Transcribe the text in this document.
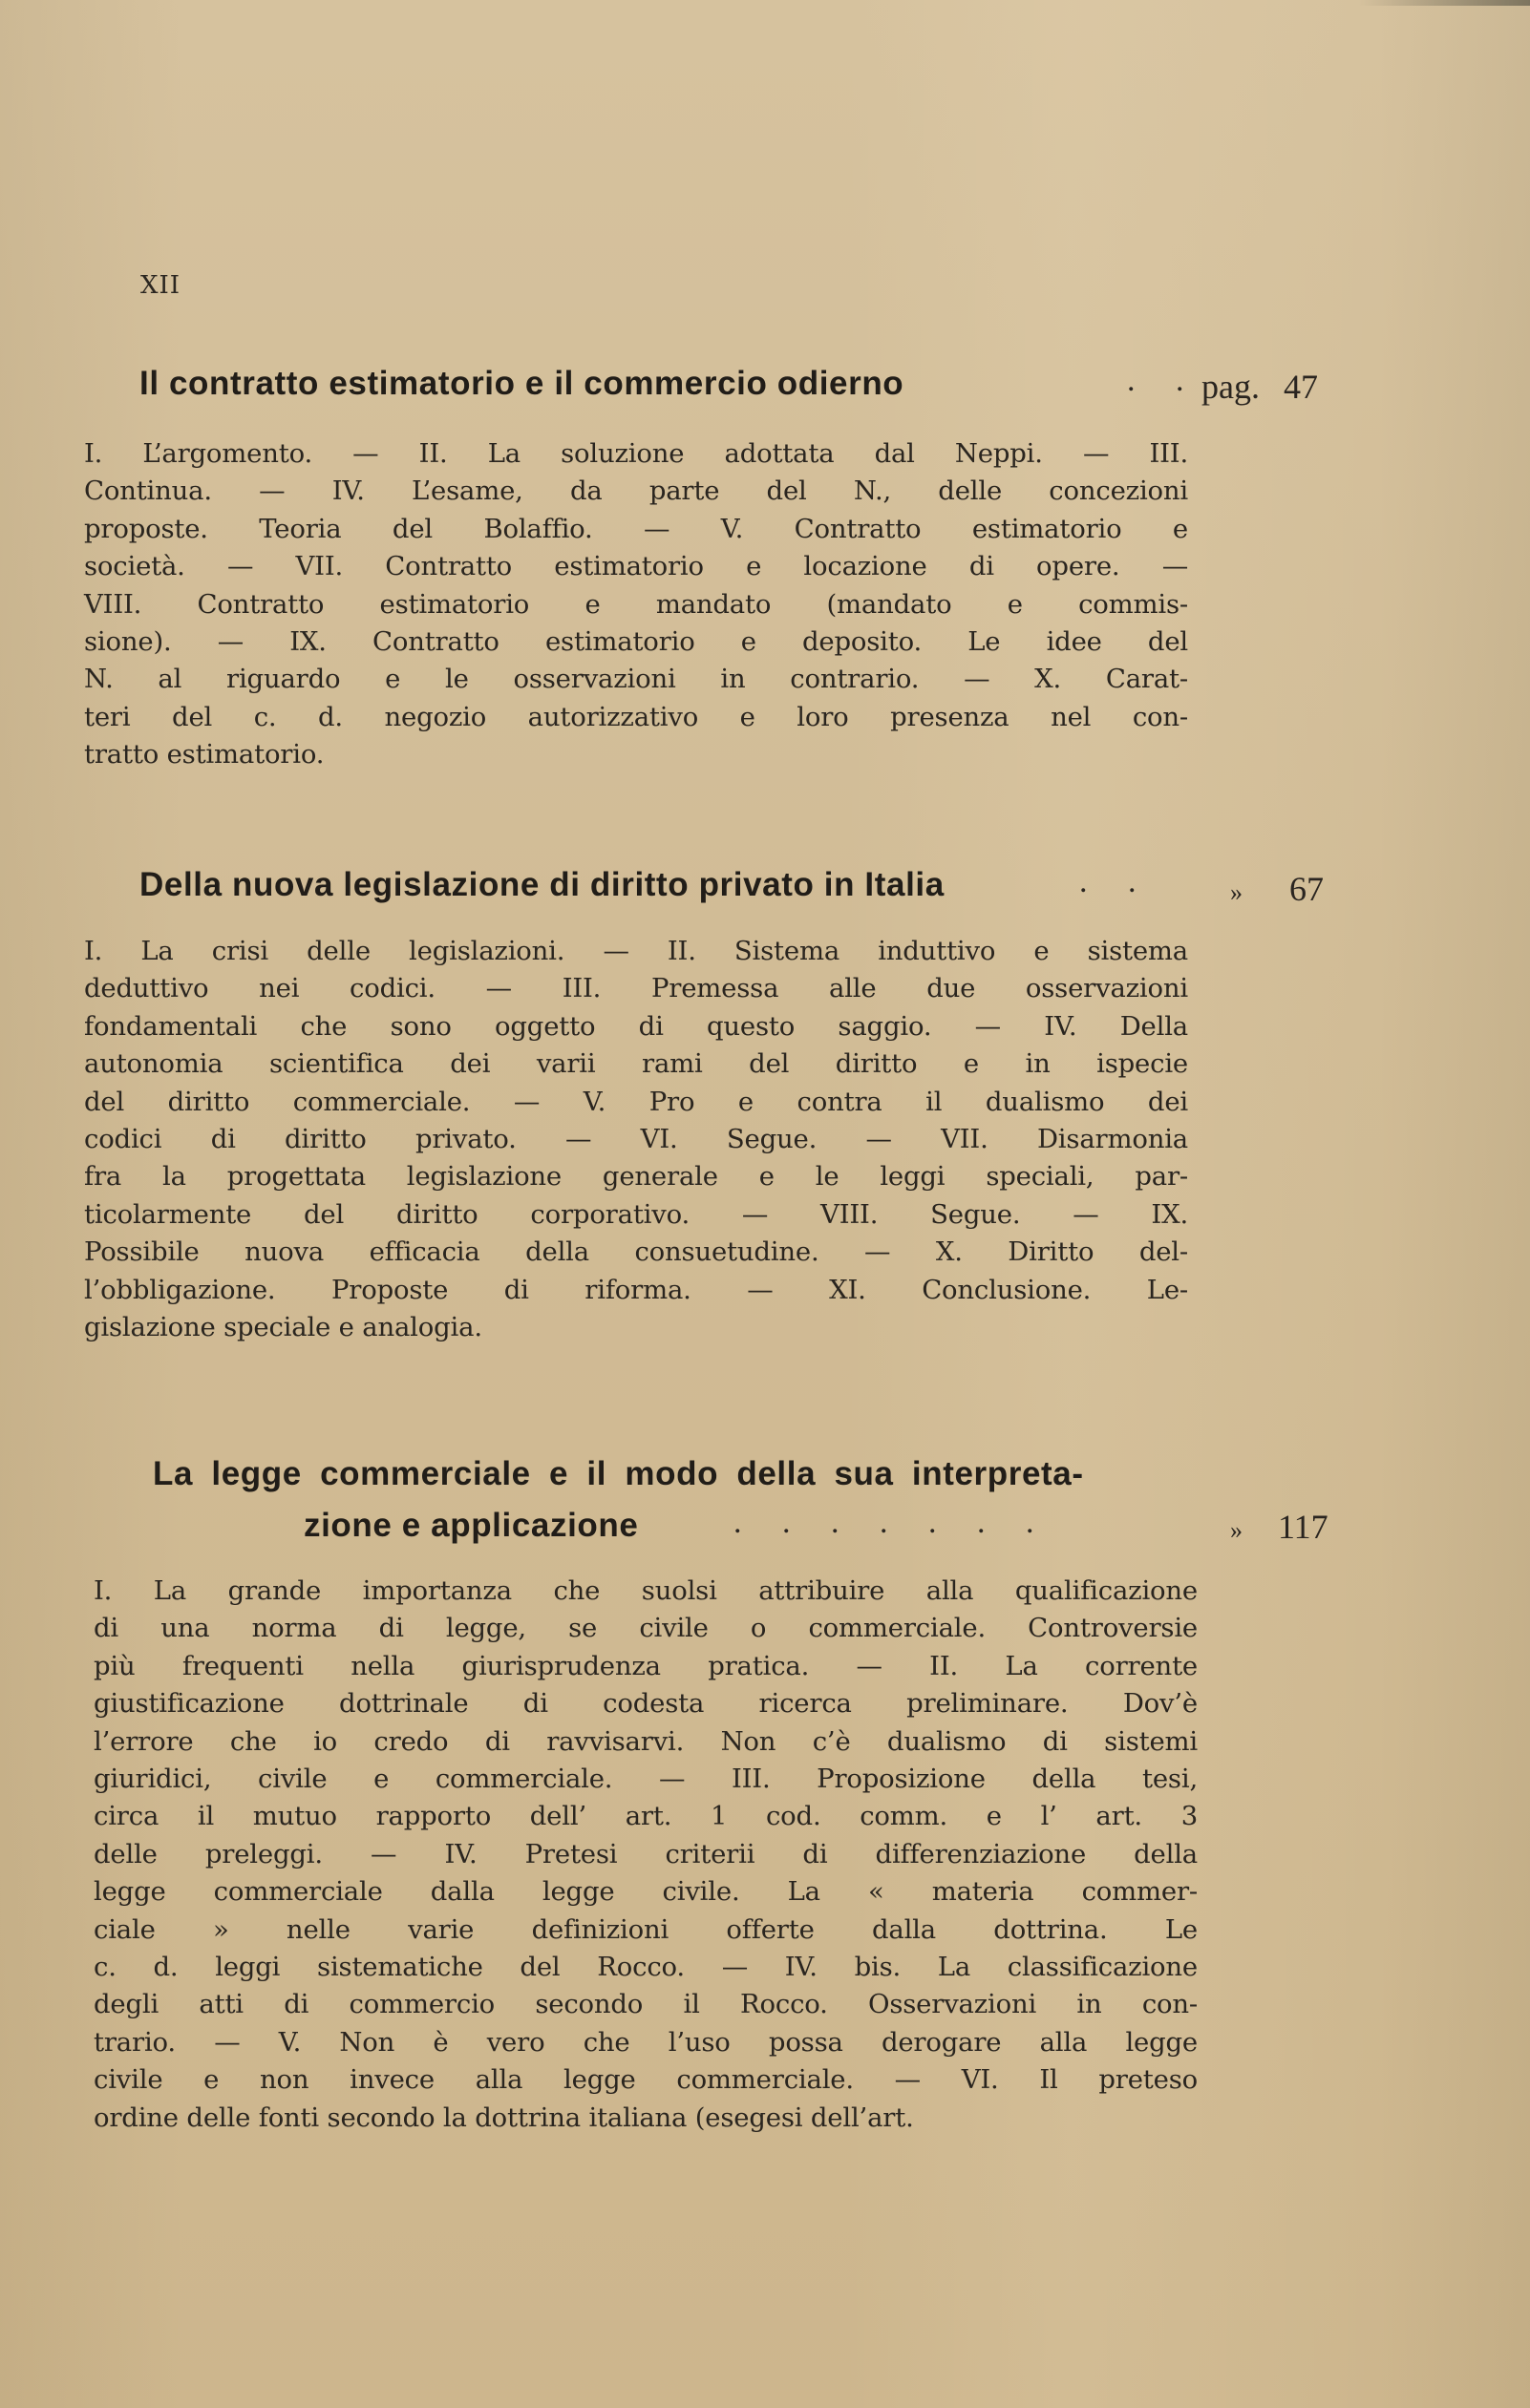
XII
Il contratto estimatorio e il commercio odierno	.     . pag. 47
I. L’argomento. — II. La soluzione adottata dal Neppi. — III.
Continua. — IV. L’esame, da parte del N., delle concezioni
proposte. Teoria del Bolaffio. — V. Contratto estimatorio e
società. — VII. Contratto estimatorio e locazione di opere. —
VIII. Contratto estimatorio e mandato (mandato e commis-
sione). — IX. Contratto estimatorio e deposito. Le idee del
N. al riguardo e le osservazioni in contrario. — X. Carat-
teri del c. d. negozio autorizzativo e loro presenza nel con-
tratto estimatorio.
Della nuova legislazione di diritto privato in Italia	.     .	» 67
I. La crisi delle legislazioni. — II. Sistema induttivo e sistema
deduttivo nei codici. — III. Premessa alle due osservazioni
fondamentali che sono oggetto di questo saggio. — IV. Della
autonomia scientifica dei varii rami del diritto e in ispecie
del diritto commerciale. — V. Pro e contra il dualismo dei
codici di diritto privato. — VI. Segue. — VII. Disarmonia
fra la progettata legislazione generale e le leggi speciali, par-
ticolarmente del diritto corporativo. — VIII. Segue. — IX.
Possibile nuova efficacia della consuetudine. — X. Diritto del-
l’obbligazione. Proposte di riforma. — XI. Conclusione. Le-
gislazione speciale e analogia.
La legge commerciale e il modo della sua interpreta-
zione e applicazione	.     .     .     .     .     .     .	» 117
I. La grande importanza che suolsi attribuire alla qualificazione
di una norma di legge, se civile o commerciale. Controversie
più frequenti nella giurisprudenza pratica. — II. La corrente
giustificazione dottrinale di codesta ricerca preliminare. Dov’è
l’errore che io credo di ravvisarvi. Non c’è dualismo di sistemi
giuridici, civile e commerciale. — III. Proposizione della tesi,
circa il mutuo rapporto dell’ art. 1 cod. comm. e l’ art. 3
delle preleggi. — IV. Pretesi criterii di differenziazione della
legge commerciale dalla legge civile. La « materia commer-
ciale » nelle varie definizioni offerte dalla dottrina. Le
c. d. leggi sistematiche del Rocco. — IV. bis. La classificazione
degli atti di commercio secondo il Rocco. Osservazioni in con-
trario. — V. Non è vero che l’uso possa derogare alla legge
civile e non invece alla legge commerciale. — VI. Il preteso
ordine delle fonti secondo la dottrina italiana (esegesi dell’art.
